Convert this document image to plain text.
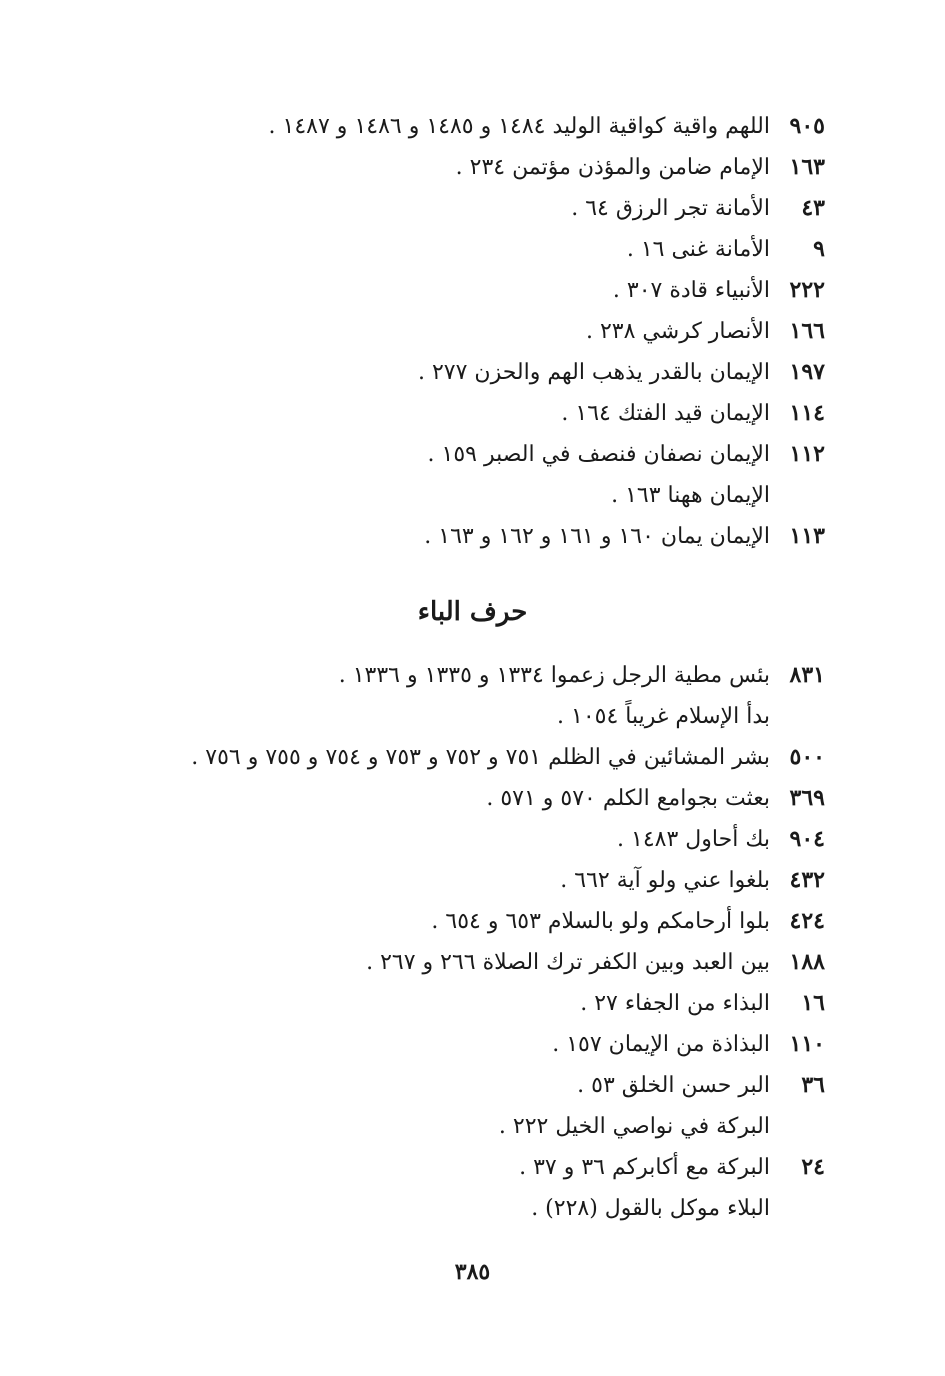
٩٠٥اللهم واقية كواقية الوليد ١٤٨٤ و ١٤٨٥ و ١٤٨٦ و ١٤٨٧ .
١٦٣الإمام ضامن والمؤذن مؤتمن ٢٣٤ .
٤٣الأمانة تجر الرزق ٦٤ .
٩الأمانة غنى ١٦ .
٢٢٢الأنبياء قادة ٣٠٧ .
١٦٦الأنصار كرشي ٢٣٨ .
١٩٧الإيمان بالقدر يذهب الهم والحزن ٢٧٧ .
١١٤الإيمان قيد الفتك ١٦٤ .
١١٢الإيمان نصفان فنصف في الصبر ١٥٩ .
الإيمان ههنا ١٦٣ .
١١٣الإيمان يمان ١٦٠ و ١٦١ و ١٦٢ و ١٦٣ .
حرف الباء
٨٣١بئس مطية الرجل زعموا ١٣٣٤ و ١٣٣٥ و ١٣٣٦ .
بدأ الإسلام غريباً ١٠٥٤ .
٥٠٠بشر المشائين في الظلم ٧٥١ و ٧٥٢ و ٧٥٣ و ٧٥٤ و ٧٥٥ و ٧٥٦ .
٣٦٩بعثت بجوامع الكلم ٥٧٠ و ٥٧١ .
٩٠٤بك أحاول ١٤٨٣ .
٤٣٢بلغوا عني ولو آية ٦٦٢ .
٤٢٤بلوا أرحامكم ولو بالسلام ٦٥٣ و ٦٥٤ .
١٨٨بين العبد وبين الكفر ترك الصلاة ٢٦٦ و ٢٦٧ .
١٦البذاء من الجفاء ٢٧ .
١١٠البذاذة من الإيمان ١٥٧ .
٣٦البر حسن الخلق ٥٣ .
البركة في نواصي الخيل ٢٢٢ .
٢٤البركة مع أكابركم ٣٦ و ٣٧ .
البلاء موكل بالقول (٢٢٨) .
٣٨٥
